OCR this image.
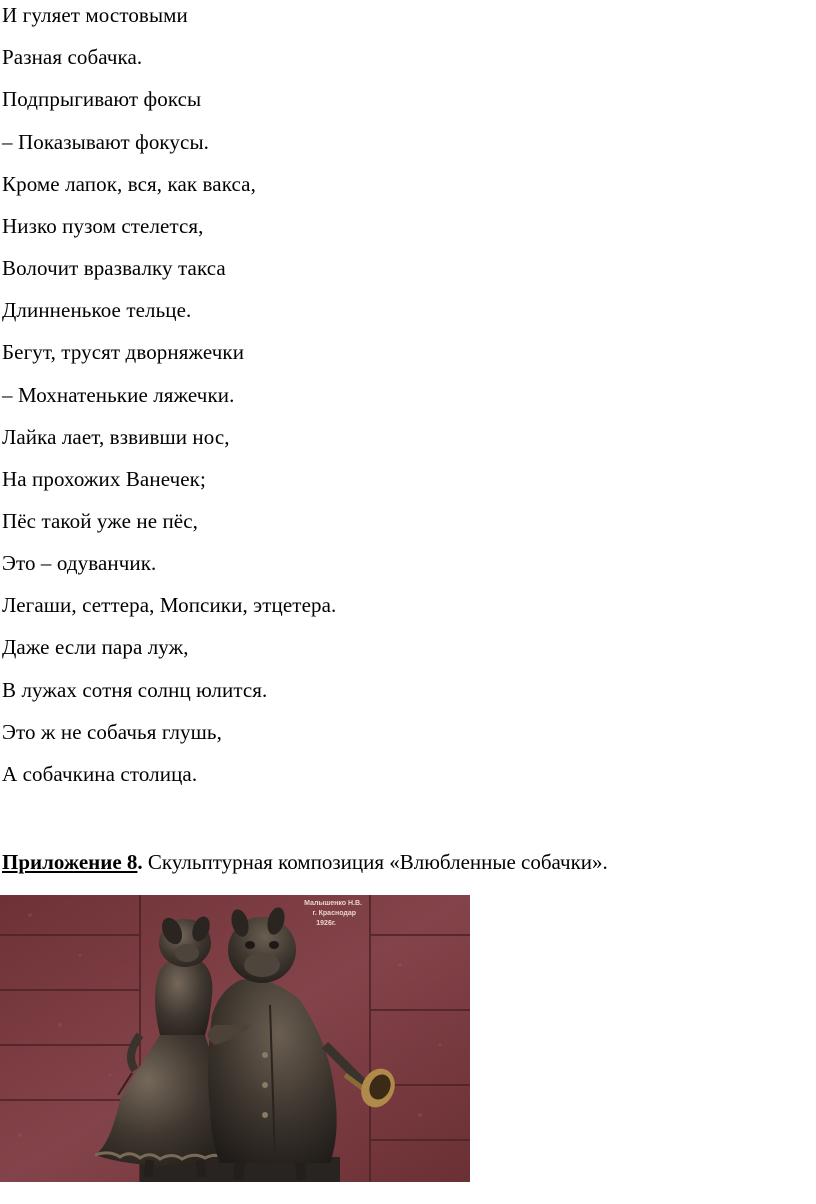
И гуляет мостовыми
Разная собачка.
Подпрыгивают фоксы
– Показывают фокусы.
Кроме лапок, вся, как вакса,
Низко пузом стелется,
Волочит вразвалку такса
Длинненькое тельце.
Бегут, трусят дворняжечки
– Мохнатенькие ляжечки.
Лайка лает, взвивши нос,
На прохожих Ванечек;
Пёс такой уже не пёс,
Это – одуванчик.
Легаши, сеттера, Мопсики, этцетера.
Даже если пара луж,
В лужах сотня солнц юлится.
Это ж не собачья глушь,
А собачкина столица.
Приложение 8. Скульптурная композиция «Влюбленные собачки».
Малышенко Н.В.
г. Краснодар
1926г.
